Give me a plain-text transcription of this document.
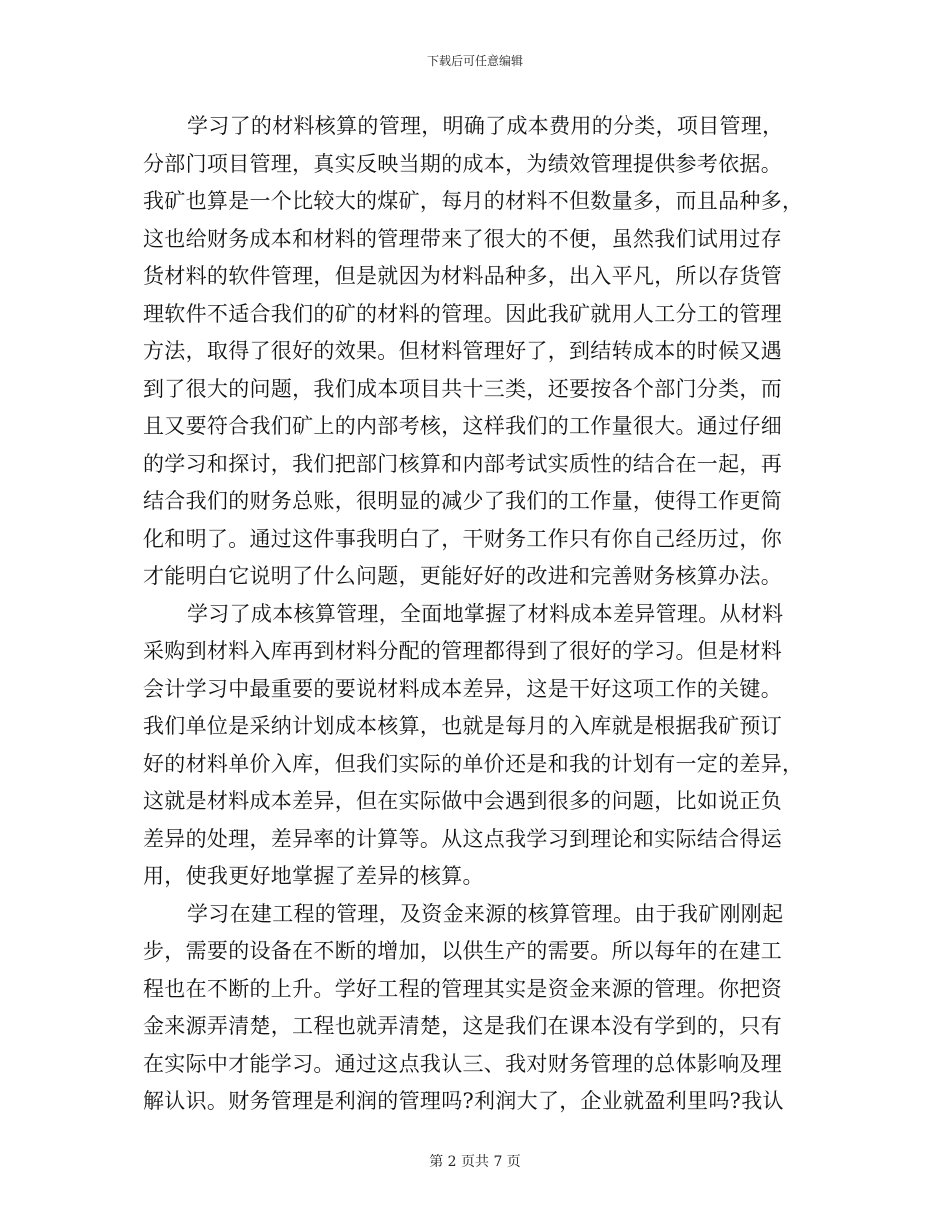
下载后可任意编辑
学习了的材料核算的管理，明确了成本费用的分类，项目管理，
分部门项目管理，真实反映当期的成本，为绩效管理提供参考依据。
我矿也算是一个比较大的煤矿，每月的材料不但数量多，而且品种多，
这也给财务成本和材料的管理带来了很大的不便，虽然我们试用过存
货材料的软件管理，但是就因为材料品种多，出入平凡，所以存货管
理软件不适合我们的矿的材料的管理。因此我矿就用人工分工的管理
方法，取得了很好的效果。但材料管理好了，到结转成本的时候又遇
到了很大的问题，我们成本项目共十三类，还要按各个部门分类，而
且又要符合我们矿上的内部考核，这样我们的工作量很大。通过仔细
的学习和探讨，我们把部门核算和内部考试实质性的结合在一起，再
结合我们的财务总账，很明显的减少了我们的工作量，使得工作更简
化和明了。通过这件事我明白了，干财务工作只有你自己经历过，你
才能明白它说明了什么问题，更能好好的改进和完善财务核算办法。
学习了成本核算管理，全面地掌握了材料成本差异管理。从材料
采购到材料入库再到材料分配的管理都得到了很好的学习。但是材料
会计学习中最重要的要说材料成本差异，这是干好这项工作的关键。
我们单位是采纳计划成本核算，也就是每月的入库就是根据我矿预订
好的材料单价入库，但我们实际的单价还是和我的计划有一定的差异，
这就是材料成本差异，但在实际做中会遇到很多的问题，比如说正负
差异的处理，差异率的计算等。从这点我学习到理论和实际结合得运
用，使我更好地掌握了差异的核算。
学习在建工程的管理，及资金来源的核算管理。由于我矿刚刚起
步，需要的设备在不断的增加，以供生产的需要。所以每年的在建工
程也在不断的上升。学好工程的管理其实是资金来源的管理。你把资
金来源弄清楚，工程也就弄清楚，这是我们在课本没有学到的，只有
在实际中才能学习。通过这点我认三、我对财务管理的总体影响及理
解认识。财务管理是利润的管理吗?利润大了，企业就盈利里吗?我认
第 2 页共 7 页
